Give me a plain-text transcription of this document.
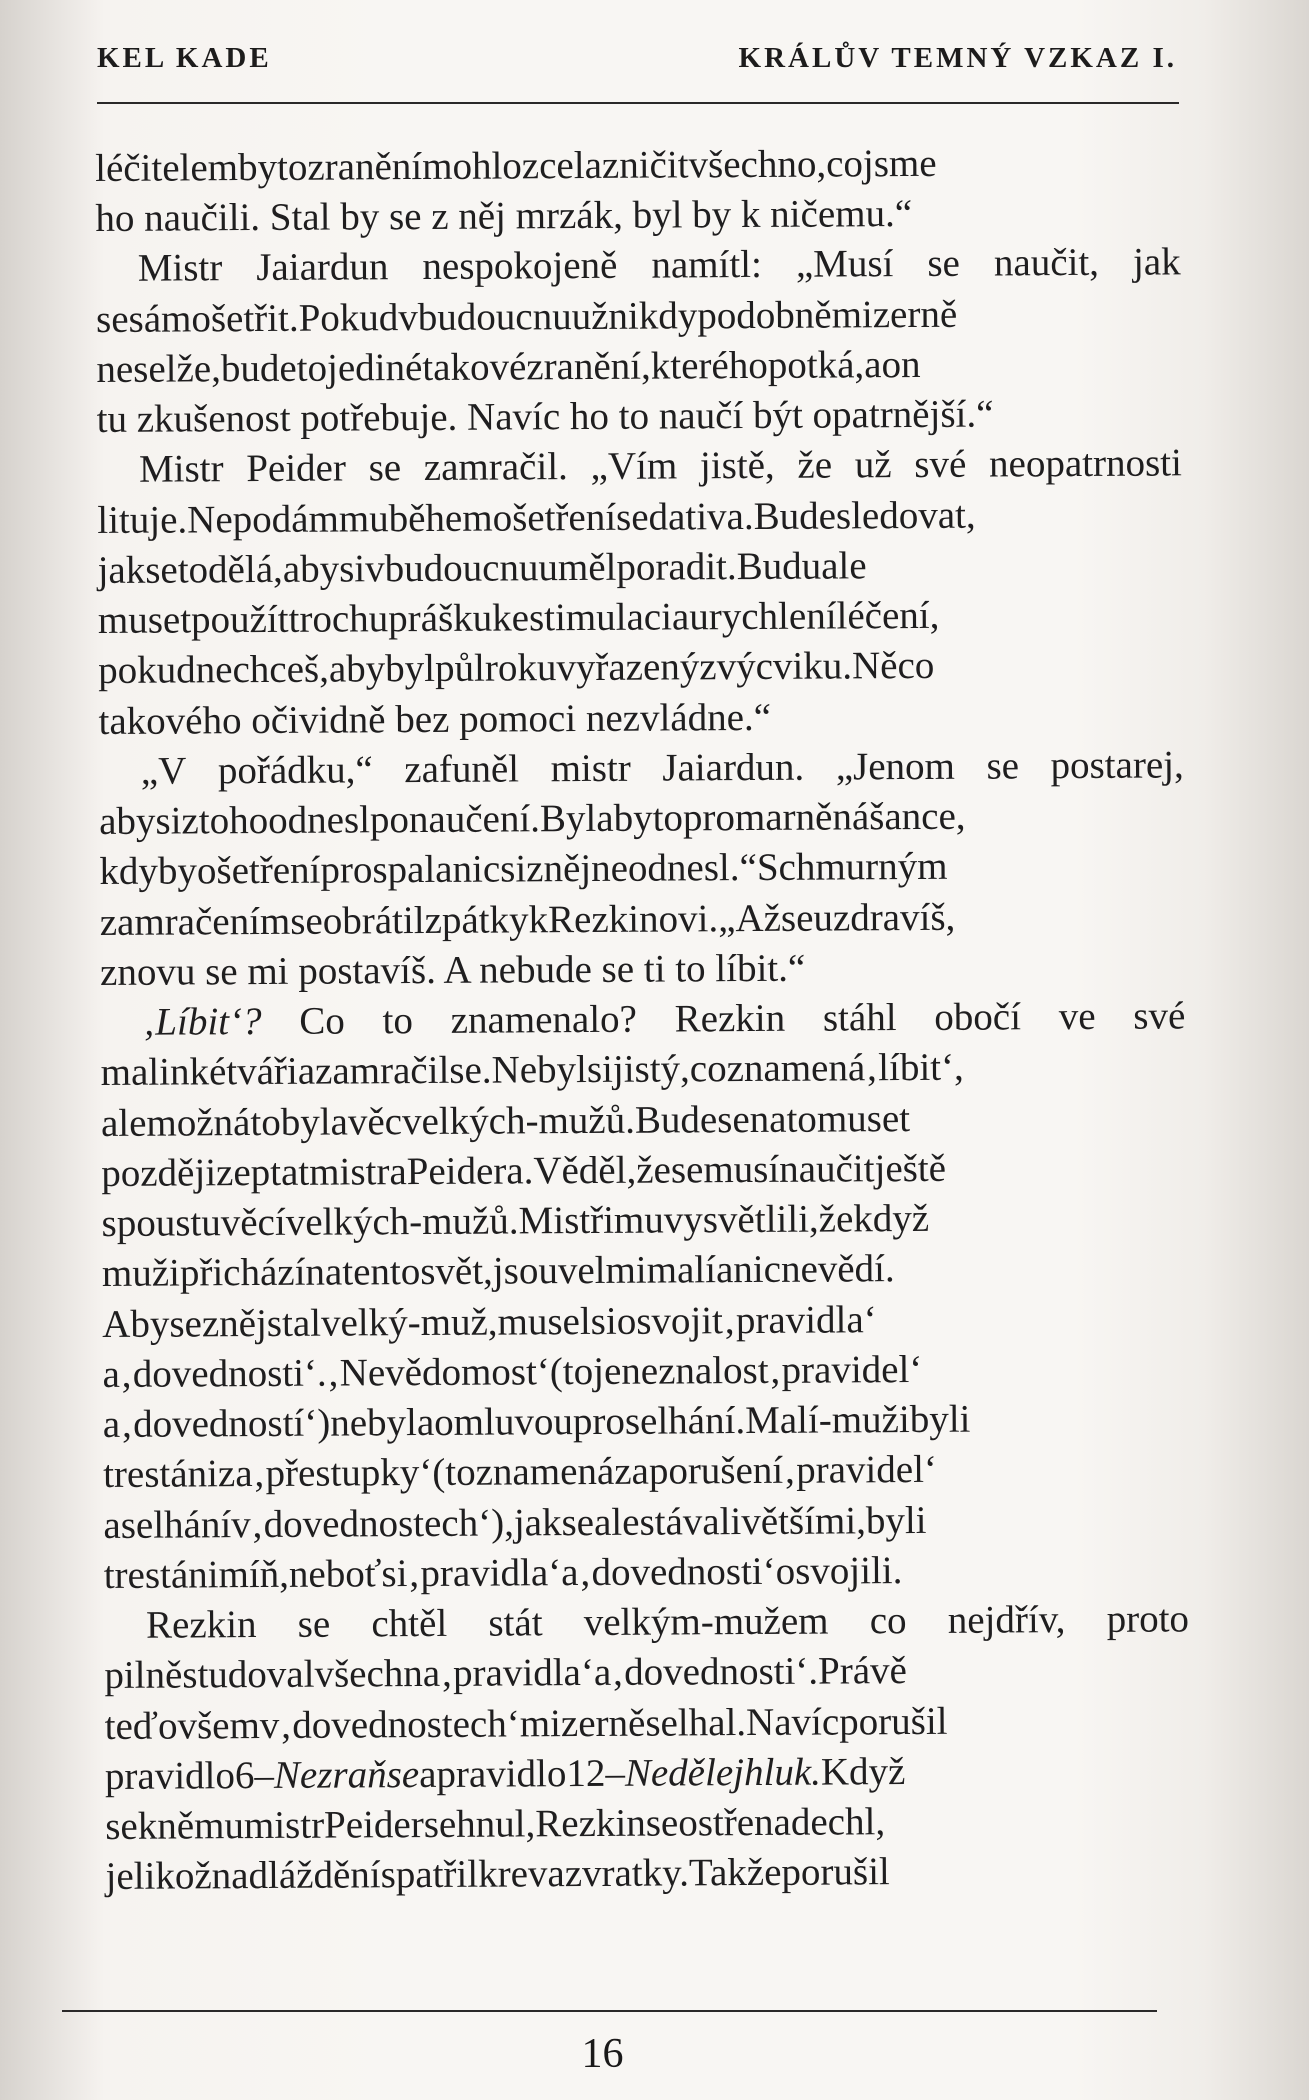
KEL KADE	KRÁLŮV TEMNÝ VZKAZ I.
léčitelem by to zranění mohlo zcela zničit všechno, co jsme
ho naučili. Stal by se z něj mrzák, byl by k ničemu.“
Mistr Jaiardun nespokojeně namítl: „Musí se naučit, jak
se sám ošetřit. Pokud v budoucnu už nikdy podobně mizerně
neselže, bude to jediné takové zranění, které ho potká, a on
tu zkušenost potřebuje. Navíc ho to naučí být opatrnější.“
Mistr Peider se zamračil. „Vím jistě, že už své neopatrnosti
lituje. Nepodám mu během ošetření sedativa. Bude sledovat,
jak se to dělá, aby si v budoucnu uměl poradit. Budu ale
muset použít trochu prášku ke stimulaci a urychlení léčení,
pokud nechceš, aby byl půl roku vyřazený z výcviku. Něco
takového očividně bez pomoci nezvládne.“
„V pořádku,“ zafuněl mistr Jaiardun. „Jenom se postarej,
aby si z toho odnesl ponaučení. Byla by to promarněná šance,
kdyby ošetření prospal a nic si z něj neodnesl.“ S chmurným
zamračením se obrátil zpátky k Rezkinovi. „Až se uzdravíš,
znovu se mi postavíš. A nebude se ti to líbit.“
‚Líbit‘? Co to znamenalo? Rezkin stáhl obočí ve své
malinké tváři a zamračil se. Nebyl si jistý, co znamená ‚líbit‘,
ale možná to byla věc velkých-mužů. Bude se na to muset
později zeptat mistra Peidera. Věděl, že se musí naučit ještě
spoustu věcí velkých-mužů. Mistři mu vysvětlili, že když
muži přichází na tento svět, jsou velmi malí a nic nevědí.
Aby se z něj stal velký-muž, musel si osvojit ‚pravidla‘
a ‚dovednosti‘. ‚Nevědomost‘ (to je neznalost ‚pravidel‘
a ‚dovedností‘) nebyla omluvou pro selhání. Malí-muži byli
trestáni za ‚přestupky‘ (to znamená za porušení ‚pravidel‘
a selhání v ‚dovednostech‘), jak se ale stávali většími, byli
trestáni míň, neboť si ‚pravidla‘ a ‚dovednosti‘ osvojili.
Rezkin se chtěl stát velkým-mužem co nejdřív, proto
pilně studoval všechna ‚pravidla‘ a ‚dovednosti‘. Právě
teď ovšem v ‚dovednostech‘ mizerně selhal. Navíc porušil
pravidlo 6 – Nezraň se a pravidlo 12 – Nedělej hluk. Když
se k němu mistr Peider sehnul, Rezkin se ostře nadechl,
jelikož na dláždění spatřil krev a zvratky. Takže porušil
16
